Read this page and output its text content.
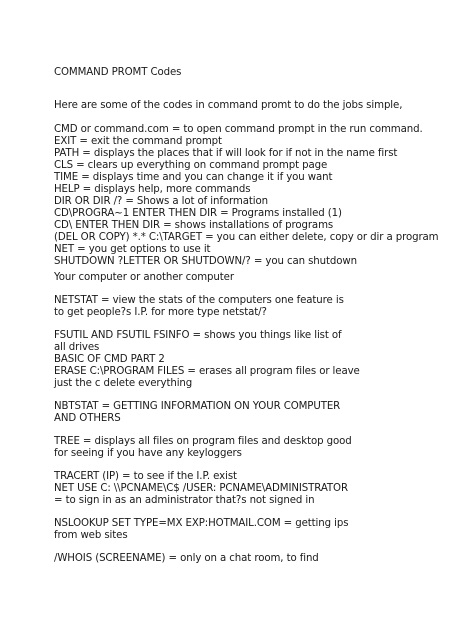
COMMAND PROMT Codes
Here are some of the codes in command promt to do the jobs simple,
CMD or command.com = to open command prompt in the run command.
EXIT = exit the command prompt
PATH = displays the places that if will look for if not in the name first
CLS = clears up everything on command prompt page
TIME = displays time and you can change it if you want
HELP = displays help, more commands
DIR OR DIR /? = Shows a lot of information
CD\PROGRA~1 ENTER THEN DIR = Programs installed (1)
CD\ ENTER THEN DIR = shows installations of programs
(DEL OR COPY) *.* C:\TARGET = you can either delete, copy or dir a program
NET = you get options to use it
SHUTDOWN ?LETTER OR SHUTDOWN/? = you can shutdown
Your computer or another computer
NETSTAT = view the stats of the computers one feature is
to get people?s I.P. for more type netstat/?
FSUTIL AND FSUTIL FSINFO = shows you things like list of
all drives
BASIC OF CMD PART 2
ERASE C:\PROGRAM FILES = erases all program files or leave
just the c delete everything
NBTSTAT = GETTING INFORMATION ON YOUR COMPUTER
AND OTHERS
TREE = displays all files on program files and desktop good
for seeing if you have any keyloggers
TRACERT (IP) = to see if the I.P. exist
NET USE C: \\PCNAME\C$ /USER: PCNAME\ADMINISTRATOR
= to sign in as an administrator that?s not signed in
NSLOOKUP SET TYPE=MX EXP:HOTMAIL.COM = getting ips
from web sites
/WHOIS (SCREENAME) = only on a chat room, to find
